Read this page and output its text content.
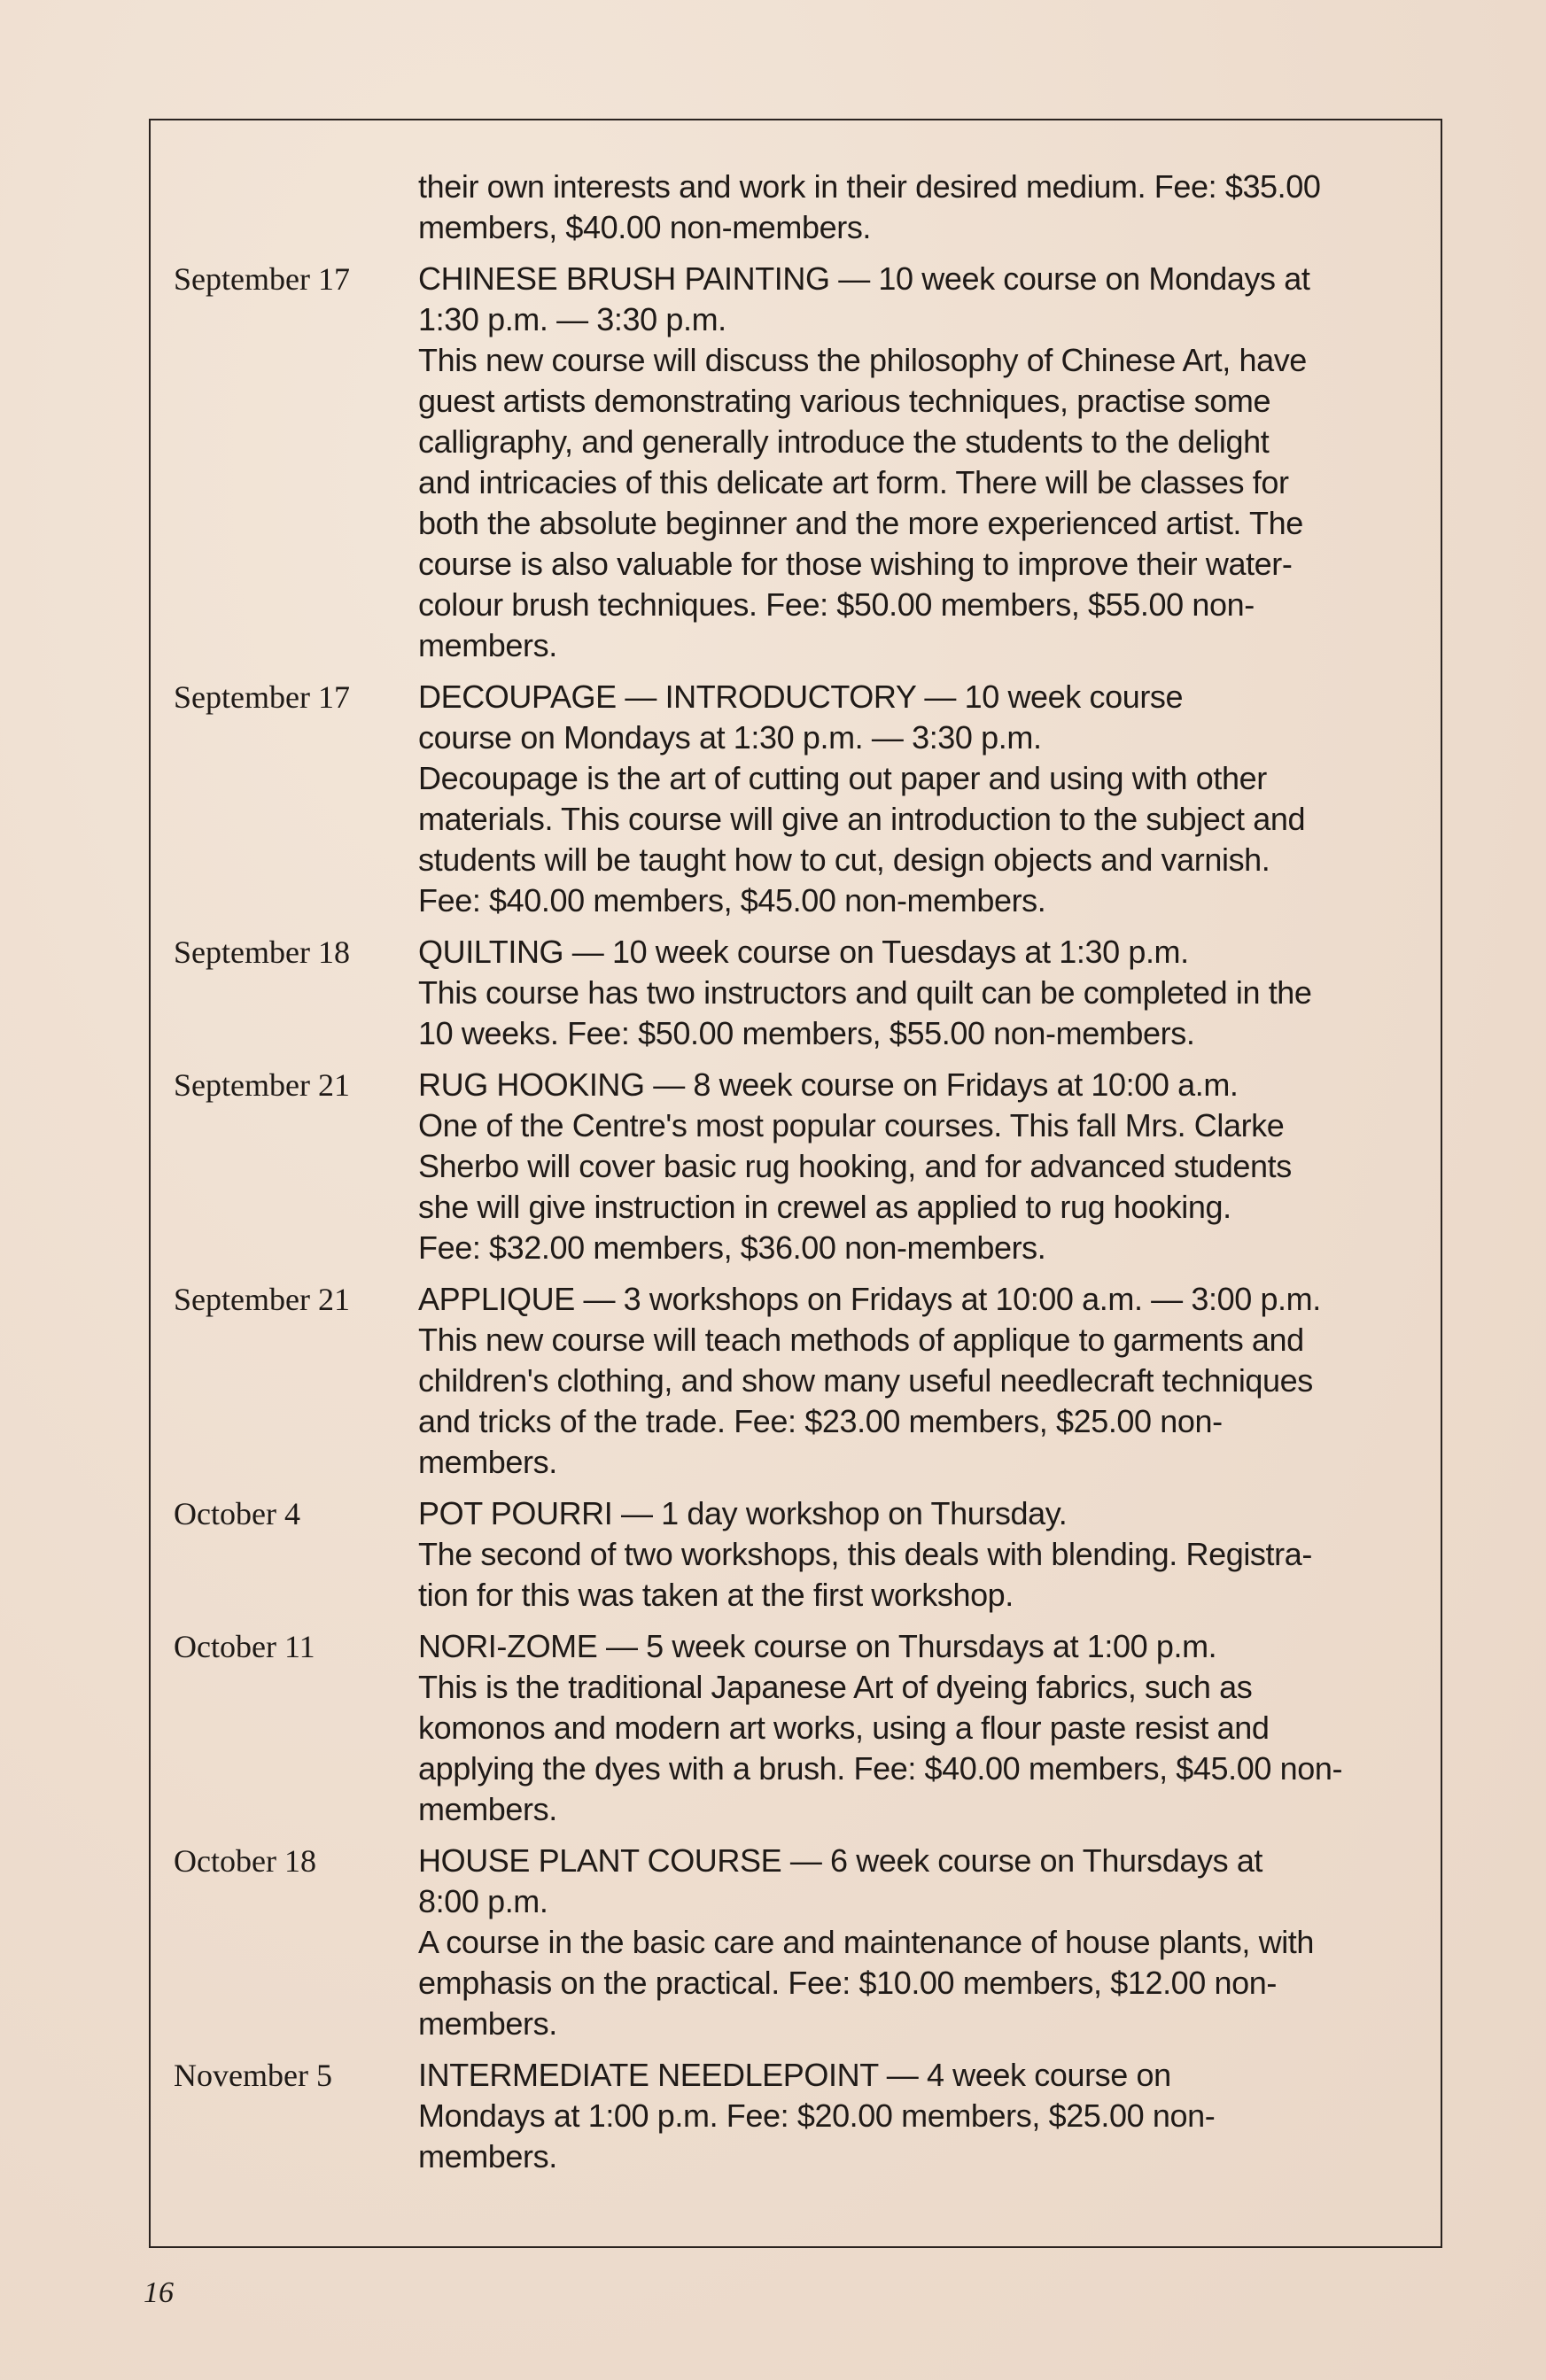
their own interests and work in their desired medium. Fee: $35.00

members, $40.00 non-members.

September 17	CHINESE BRUSH PAINTING — 10 week course on Mondays at

1:30 p.m. — 3:30 p.m.

This new course will discuss the philosophy of Chinese Art, have

guest artists demonstrating various techniques, practise some

calligraphy, and generally introduce the students to the delight

and intricacies of this delicate art form. There will be classes for

both the absolute beginner and the more experienced artist. The

course is also valuable for those wishing to improve their water-

colour brush techniques. Fee: $50.00 members, $55.00 non-

members.

September 17	DECOUPAGE — INTRODUCTORY — 10 week course

course on Mondays at 1:30 p.m. — 3:30 p.m.

Decoupage is the art of cutting out paper and using with other

materials. This course will give an introduction to the subject and

students will be taught how to cut, design objects and varnish.

Fee: $40.00 members, $45.00 non-members.

September 18	QUILTING — 10 week course on Tuesdays at 1:30 p.m.

This course has two instructors and quilt can be completed in the

10 weeks. Fee: $50.00 members, $55.00 non-members.

September 21	RUG HOOKING — 8 week course on Fridays at 10:00 a.m.

One of the Centre's most popular courses. This fall Mrs. Clarke

Sherbo will cover basic rug hooking, and for advanced students

she will give instruction in crewel as applied to rug hooking.

Fee: $32.00 members, $36.00 non-members.

September 21	APPLIQUE — 3 workshops on Fridays at 10:00 a.m. — 3:00 p.m.

This new course will teach methods of applique to garments and

children's clothing, and show many useful needlecraft techniques

and tricks of the trade. Fee: $23.00 members, $25.00 non-

members.

October 4	POT POURRI — 1 day workshop on Thursday.

The second of two workshops, this deals with blending. Registra-

tion for this was taken at the first workshop.

October 11	NORI-ZOME — 5 week course on Thursdays at 1:00 p.m.

This is the traditional Japanese Art of dyeing fabrics, such as

komonos and modern art works, using a flour paste resist and

applying the dyes with a brush. Fee: $40.00 members, $45.00 non-

members.

October 18	HOUSE PLANT COURSE — 6 week course on Thursdays at

8:00 p.m.

A course in the basic care and maintenance of house plants, with

emphasis on the practical. Fee: $10.00 members, $12.00 non-

members.

November 5	INTERMEDIATE NEEDLEPOINT — 4 week course on

Mondays at 1:00 p.m. Fee: $20.00 members, $25.00 non-

members.

16
